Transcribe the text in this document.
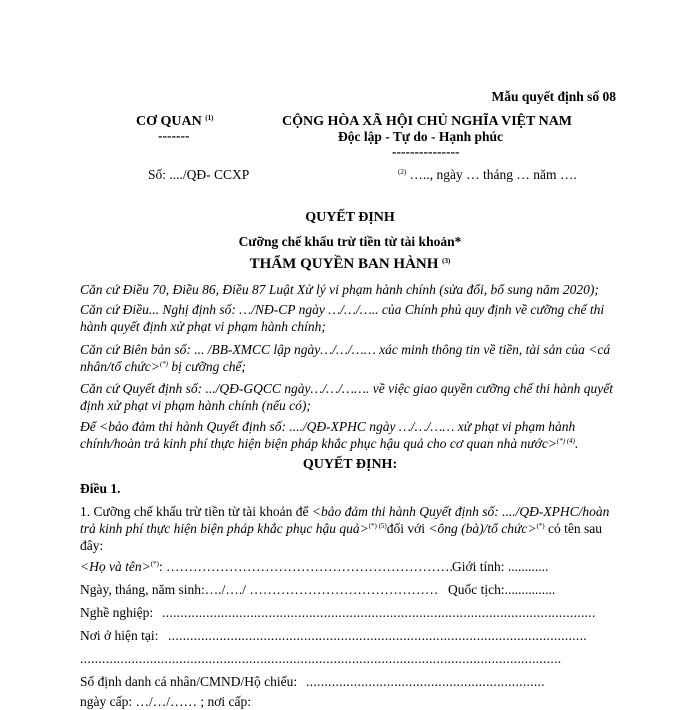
Mẫu quyết định số 08
CƠ QUAN $^{(1)}$
-------
CỘNG HÒA XÃ HỘI CHỦ NGHĨA VIỆT NAM
Độc lập - Tự do - Hạnh phúc
---------------
Số: ..../QĐ- CCXP	$^{(2)}$ ….., ngày … tháng … năm ….
QUYẾT ĐỊNH
Cưỡng chế khấu trừ tiền từ tài khoản*
THẨM QUYỀN BAN HÀNH $^{(3)}$
Căn cứ Điều 70, Điều 86, Điều 87 Luật Xử lý vi phạm hành chính (sửa đổi, bổ sung năm 2020);
Căn cứ Điều... Nghị định số: …/NĐ-CP ngày …/…/….. của Chính phủ quy định về cưỡng chế thi hành quyết định xử phạt vi phạm hành chính;
Căn cứ Biên bản số: ... /BB-XMCC lập ngày…/…/…… xác minh thông tin về tiền, tài sản của <cá nhân/tổ chức>(*) bị cưỡng chế;
Căn cứ Quyết định số: .../QĐ-GQCC ngày…/…/……. về việc giao quyền cưỡng chế thi hành quyết định xử phạt vi phạm hành chính (nếu có);
Để <bảo đảm thi hành Quyết định số: ..../QĐ-XPHC ngày …/…/…… xử phạt vi phạm hành chính/hoàn trả kinh phí thực hiện biện pháp khắc phục hậu quả cho cơ quan nhà nước>$^{(*) (4)}$.
QUYẾT ĐỊNH:
Điều 1.
1. Cưỡng chế khấu trừ tiền từ tài khoản để <bảo đảm thi hành Quyết định số: ..../QĐ-XPHC/hoàn trả kinh phí thực hiện biện pháp khắc phục hậu quả>$^{(*) (5)}$đối với <ông (bà)/tổ chức>(*) có tên sau đây:
<Họ và tên>(*): ………………………………………………………. Giới tính: ............
Ngày, tháng, năm sinh:…./…./ …………………………………… Quốc tịch:...............
Nghề nghiệp: ......................................................................................................................
Nơi ở hiện tại: ..................................................................................................................
...................................................................................................................................
Số định danh cá nhân/CMND/Hộ chiếu: .................................................................
ngày cấp: …/…/…… ; nơi cấp:
